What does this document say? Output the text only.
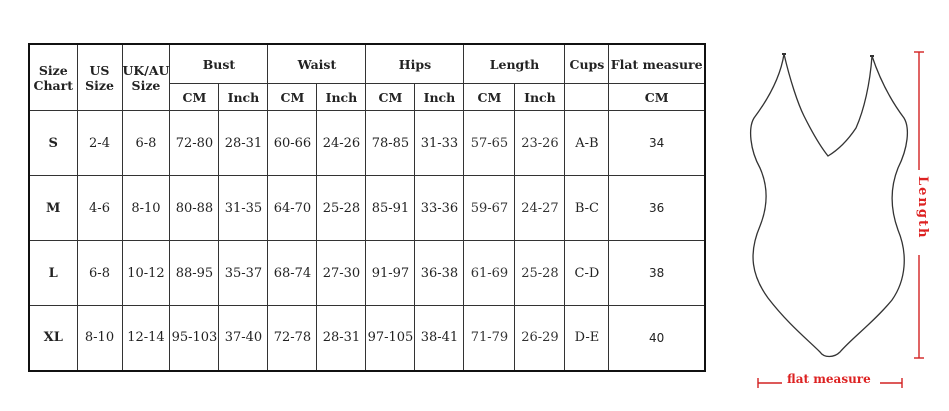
Size Chart	US Size	UK/AU Size	Bust		Waist		Hips		Length		Cups	Flat measure
			CM	Inch	CM	Inch	CM	Inch	CM	Inch		CM
S	2-4	6-8	72-80	28-31	60-66	24-26	78-85	31-33	57-65	23-26	A-B	34
M	4-6	8-10	80-88	31-35	64-70	25-28	85-91	33-36	59-67	24-27	B-C	36
L	6-8	10-12	88-95	35-37	68-74	27-30	91-97	36-38	61-69	25-28	C-D	38
XL	8-10	12-14	95-103	37-40	72-78	28-31	97-105	38-41	71-79	26-29	D-E	40
Length
flat measure
